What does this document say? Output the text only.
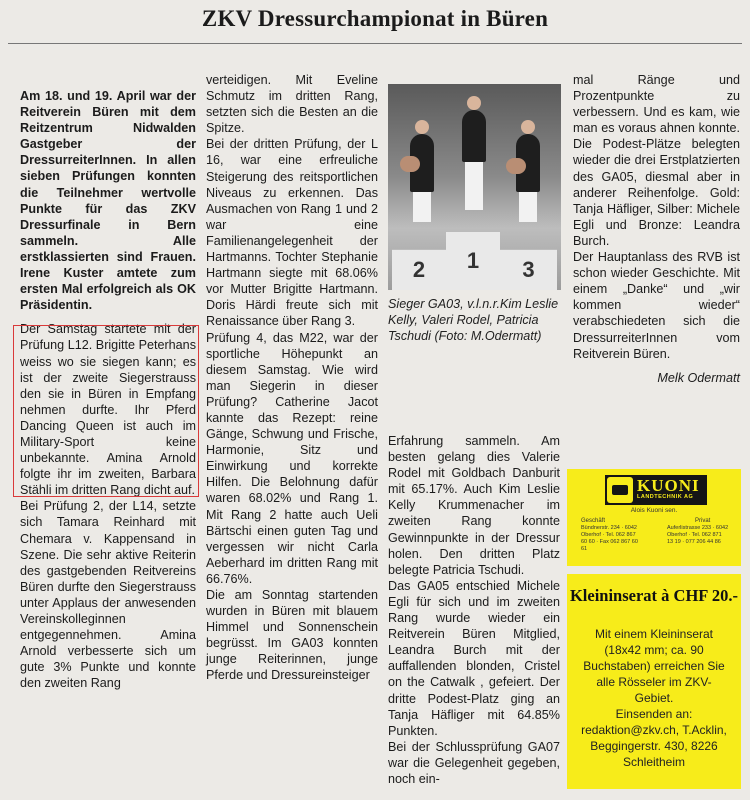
ZKV Dressurchampionat in Büren

Am 18. und 19. April war der Reitverein Büren mit dem Reitzentrum Nidwalden Gastgeber der DressurreiterInnen. In allen sieben Prüfungen konnten die Teilnehmer wertvolle Punkte für das ZKV Dressurfinale in Bern sammeln. Alle erstklassierten sind Frauen. Irene Kuster amtete zum ersten Mal erfolgreich als OK Präsidentin.

Der Samstag startete mit der Prüfung L12. Brigitte Peterhans weiss wo sie siegen kann; es ist der zweite Siegerstrauss den sie in Büren in Empfang nehmen durfte. Ihr Pferd Dancing Queen ist auch im Military-Sport keine unbekannte. Amina Arnold folgte ihr im zweiten, Barbara Stähli im dritten Rang dicht auf.

Bei Prüfung 2, der L14, setzte sich Tamara Reinhard mit Chemara v. Kappensand in Szene. Die sehr aktive Reiterin des gastgebenden Reitvereins Büren durfte den Siegerstrauss unter Applaus der anwesenden Vereinskolleginnen entgegennehmen. Amina Arnold verbesserte sich um gute 3% Punkte und konnte den zweiten Rang

verteidigen. Mit Eveline Schmutz im dritten Rang, setzten sich die Besten an die Spitze.

Bei der dritten Prüfung, der L 16, war eine erfreuliche Steigerung des reitsportlichen Niveaus zu erkennen. Das Ausmachen von Rang 1 und 2 war eine Familienangelegenheit der Hartmanns. Tochter Stephanie Hartmann siegte mit 68.06% vor Mutter Brigitte Hartmann. Doris Härdi freute sich mit Renaissance über Rang 3.

Prüfung 4, das M22, war der sportliche Höhepunkt an diesem Samstag. Wie wird man Siegerin in dieser Prüfung? Catherine Jacot kannte das Rezept: reine Gänge, Schwung und Frische, Harmonie, Sitz und Einwirkung und korrekte Hilfen. Die Belohnung dafür waren 68.02% und Rang 1. Mit Rang 2 hatte auch Ueli Bärtschi einen guten Tag und vergessen wir nicht Carla Aeberhard im dritten Rang mit 66.76%.

Die am Sonntag startenden wurden in Büren mit blauem Himmel und Sonnenschein begrüsst. Im GA03 konnten junge Reiterinnen, junge Pferde und Dressureinsteiger

2	1	3
Sieger GA03, v.l.n.r.Kim Leslie Kelly, Valeri Rodel, Patricia Tschudi (Foto: M.Odermatt)

Erfahrung sammeln. Am besten gelang dies Valerie Rodel mit Goldbach Danburit mit 65.17%. Auch Kim Leslie Kelly Krummenacher im zweiten Rang konnte Gewinnpunkte in der Dressur holen. Den dritten Platz belegte Patricia Tschudi.

Das GA05 entschied Michele Egli für sich und im zweiten Rang wurde wieder ein Reitverein Büren Mitglied, Leandra Burch mit der auffallenden blonden, Cristel on the Catwalk , gefeiert. Der dritte Podest-Platz ging an Tanja Häfliger mit 64.85% Punkten.

Bei der Schlussprüfung GA07 war die Gelegenheit gegeben, noch ein-

mal Ränge und Prozentpunkte zu verbessern. Und es kam, wie man es voraus ahnen konnte. Die Podest-Plätze belegten wieder die drei Erstplatzierten des GA05, diesmal aber in anderer Reihenfolge. Gold: Tanja Häfliger, Silber: Michele Egli und Bronze: Leandra Burch.

Der Hauptanlass des RVB ist schon wieder Geschichte. Mit einem „Danke“ und „wir kommen wieder“ verabschiedeten sich die DressurreiterInnen vom Reitverein Büren.

Melk Odermatt

KUONI
LANDTECHNIK AG
Alois Kuoni sen.
Geschäft	Privat
Bündnerstr. 234 · 6042 Oberhof · Tel. 062 867 60 60 · Fax 062 867 60 61
Auferlistrasse 233 · 6042 Oberhof · Tel. 062 871 13 19 · 077 206 44 86
Kleininserat à CHF 20.-
Mit einem Kleininserat (18x42 mm; ca. 90 Buchstaben) erreichen Sie alle Rösseler im ZKV-Gebiet.
Einsenden an: redaktion@zkv.ch, T.Acklin, Beggingerstr. 430, 8226 Schleitheim
